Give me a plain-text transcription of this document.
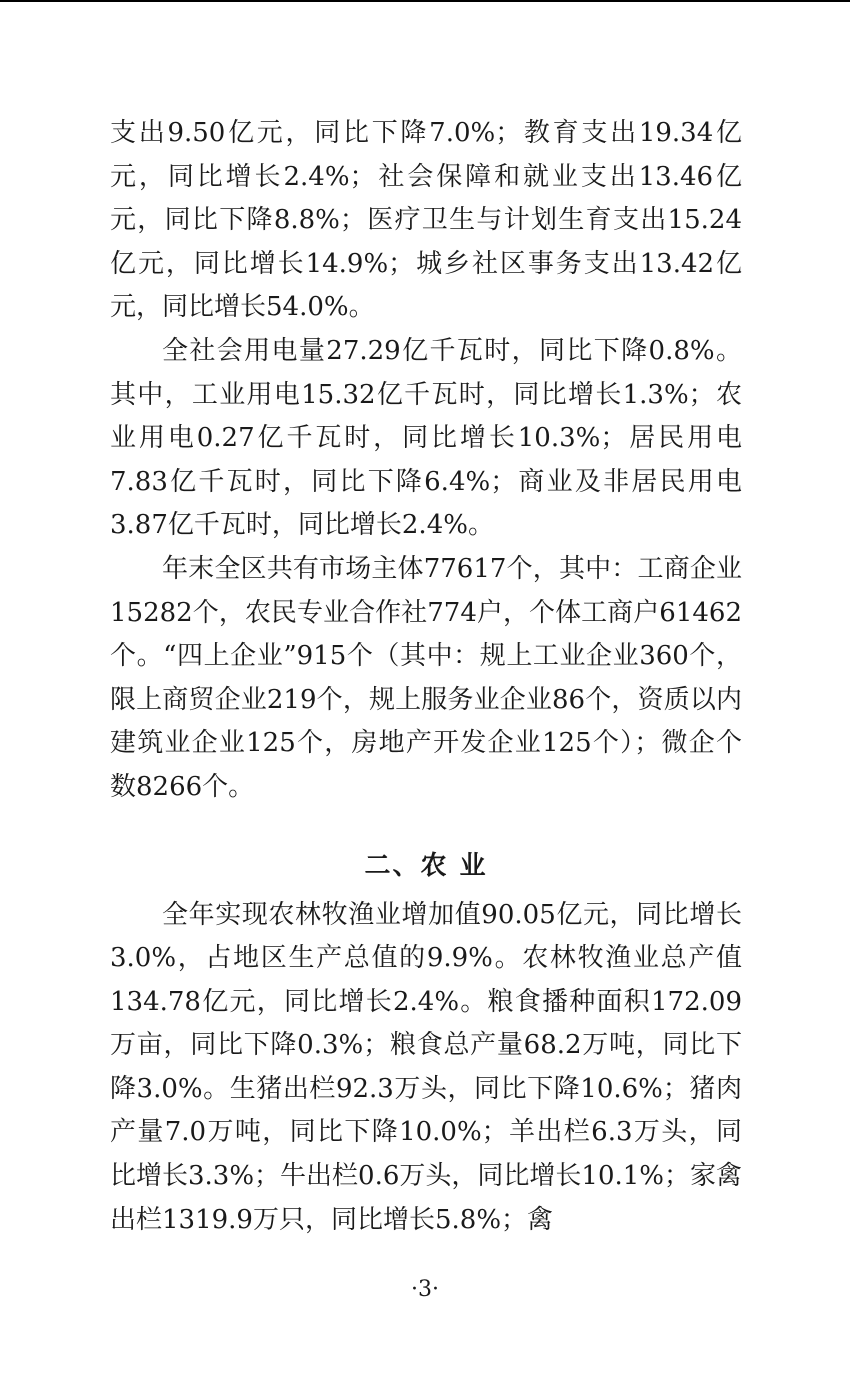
支出9.50亿元，同比下降7.0%；教育支出19.34亿元，同比增长2.4%；社会保障和就业支出13.46亿元，同比下降8.8%；医疗卫生与计划生育支出15.24亿元，同比增长14.9%；城乡社区事务支出13.42亿元，同比增长54.0%。

全社会用电量27.29亿千瓦时，同比下降0.8%。其中，工业用电15.32亿千瓦时，同比增长1.3%；农业用电0.27亿千瓦时，同比增长10.3%；居民用电7.83亿千瓦时，同比下降6.4%；商业及非居民用电3.87亿千瓦时，同比增长2.4%。

年末全区共有市场主体77617个，其中：工商企业15282个，农民专业合作社774户，个体工商户61462个。“四上企业”915个（其中：规上工业企业360个，限上商贸企业219个，规上服务业企业86个，资质以内建筑业企业125个，房地产开发企业125个）；微企个数8266个。

二、农 业

全年实现农林牧渔业增加值90.05亿元，同比增长3.0%，占地区生产总值的9.9%。农林牧渔业总产值134.78亿元，同比增长2.4%。粮食播种面积172.09万亩，同比下降0.3%；粮食总产量68.2万吨，同比下降3.0%。生猪出栏92.3万头，同比下降10.6%；猪肉产量7.0万吨，同比下降10.0%；羊出栏6.3万头，同比增长3.3%；牛出栏0.6万头，同比增长10.1%；家禽出栏1319.9万只，同比增长5.8%；禽

·3·
